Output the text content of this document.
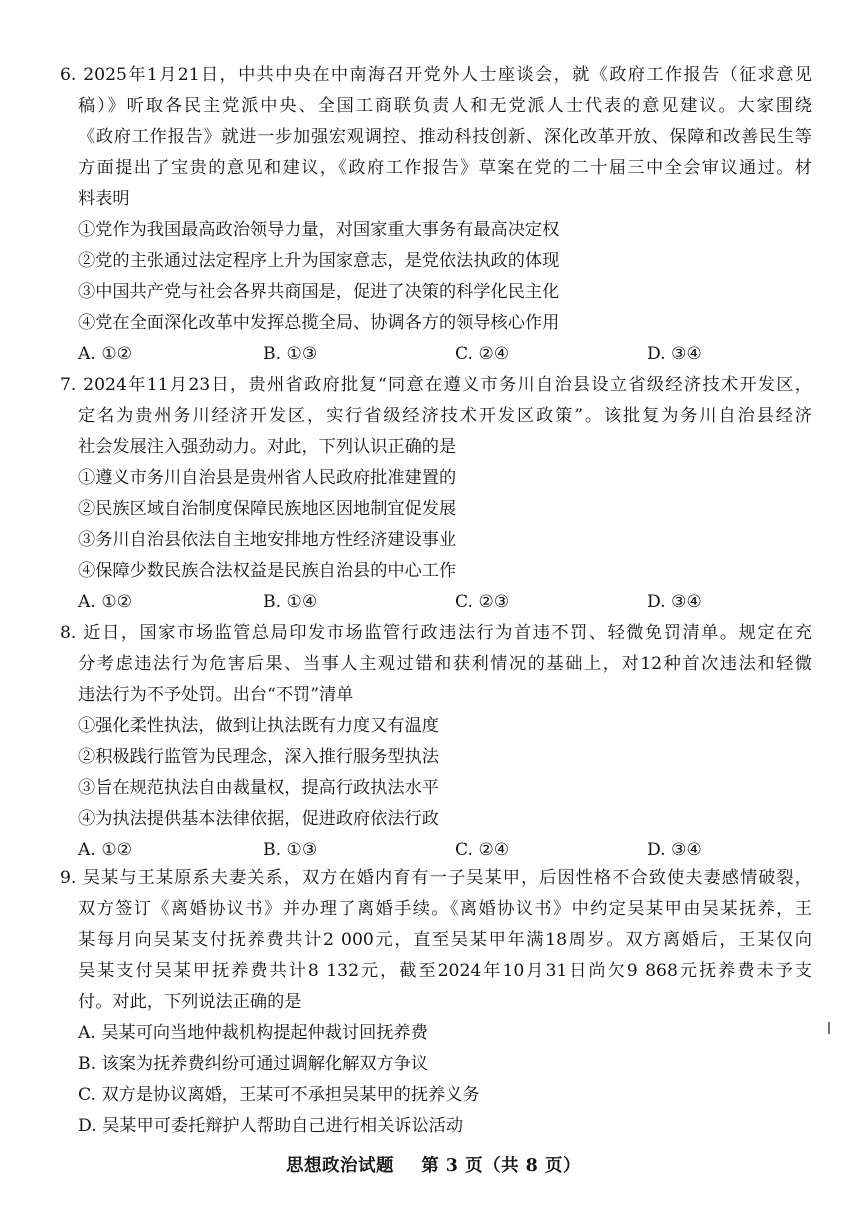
6. 2025年1月21日，中共中央在中南海召开党外人士座谈会，就《政府工作报告（征求意见
稿）》听取各民主党派中央、全国工商联负责人和无党派人士代表的意见建议。大家围绕
《政府工作报告》就进一步加强宏观调控、推动科技创新、深化改革开放、保障和改善民生等
方面提出了宝贵的意见和建议，《政府工作报告》草案在党的二十届三中全会审议通过。材
料表明
①党作为我国最高政治领导力量，对国家重大事务有最高决定权
②党的主张通过法定程序上升为国家意志，是党依法执政的体现
③中国共产党与社会各界共商国是，促进了决策的科学化民主化
④党在全面深化改革中发挥总揽全局、协调各方的领导核心作用
A. ①②	B. ①③	C. ②④	D. ③④
7. 2024年11月23日，贵州省政府批复“同意在遵义市务川自治县设立省级经济技术开发区，
定名为贵州务川经济开发区，实行省级经济技术开发区政策”。该批复为务川自治县经济
社会发展注入强劲动力。对此，下列认识正确的是
①遵义市务川自治县是贵州省人民政府批准建置的
②民族区域自治制度保障民族地区因地制宜促发展
③务川自治县依法自主地安排地方性经济建设事业
④保障少数民族合法权益是民族自治县的中心工作
A. ①②	B. ①④	C. ②③	D. ③④
8. 近日，国家市场监管总局印发市场监管行政违法行为首违不罚、轻微免罚清单。规定在充
分考虑违法行为危害后果、当事人主观过错和获利情况的基础上，对12种首次违法和轻微
违法行为不予处罚。出台“不罚”清单
①强化柔性执法，做到让执法既有力度又有温度
②积极践行监管为民理念，深入推行服务型执法
③旨在规范执法自由裁量权，提高行政执法水平
④为执法提供基本法律依据，促进政府依法行政
A. ①②	B. ①③	C. ②④	D. ③④
9. 吴某与王某原系夫妻关系，双方在婚内育有一子吴某甲，后因性格不合致使夫妻感情破裂，
双方签订《离婚协议书》并办理了离婚手续。《离婚协议书》中约定吴某甲由吴某抚养，王
某每月向吴某支付抚养费共计2 000元，直至吴某甲年满18周岁。双方离婚后，王某仅向
吴某支付吴某甲抚养费共计8 132元，截至2024年10月31日尚欠9 868元抚养费未予支
付。对此，下列说法正确的是
A. 吴某可向当地仲裁机构提起仲裁讨回抚养费
B. 该案为抚养费纠纷可通过调解化解双方争议
C. 双方是协议离婚，王某可不承担吴某甲的抚养义务
D. 吴某甲可委托辩护人帮助自己进行相关诉讼活动
思想政治试题 第 3 页（共 8 页）
